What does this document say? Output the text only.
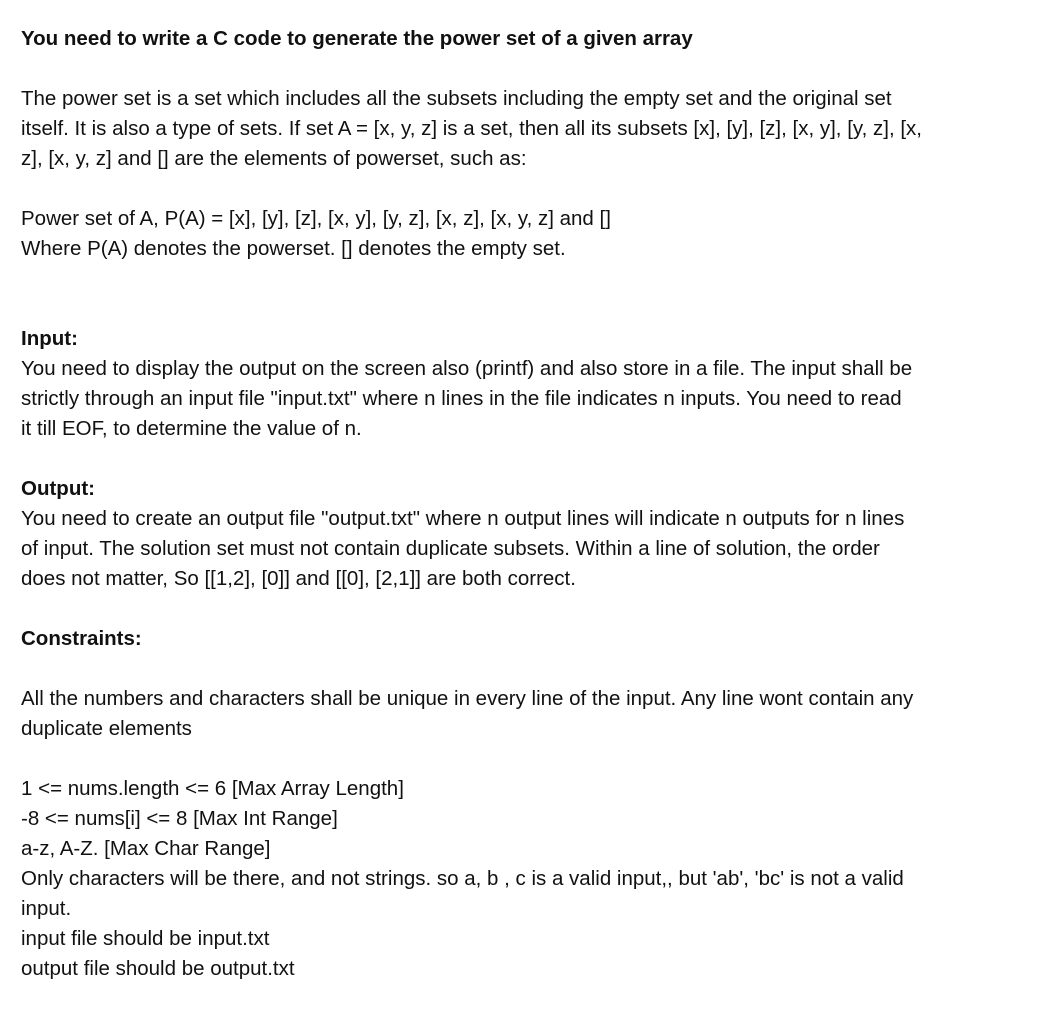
You need to write a C code to generate the power set of a given array

The power set is a set which includes all the subsets including the empty set and the original set

itself. It is also a type of sets. If set A = [x, y, z] is a set, then all its subsets [x], [y], [z], [x, y], [y, z], [x,

z], [x, y, z] and [] are the elements of powerset, such as:

Power set of A, P(A) = [x], [y], [z], [x, y], [y, z], [x, z], [x, y, z] and []

Where P(A) denotes the powerset. [] denotes the empty set.

Input:

You need to display the output on the screen also (printf) and also store in a file. The input shall be

strictly through an input file "input.txt" where n lines in the file indicates n inputs. You need to read

it till EOF, to determine the value of n.

Output:

You need to create an output file "output.txt" where n output lines will indicate n outputs for n lines

of input. The solution set must not contain duplicate subsets. Within a line of solution, the order

does not matter, So [[1,2], [0]] and [[0], [2,1]] are both correct.

Constraints:

All the numbers and characters shall be unique in every line of the input. Any line wont contain any

duplicate elements

1 <= nums.length <= 6 [Max Array Length]

-8 <= nums[i] <= 8 [Max Int Range]

a-z, A-Z. [Max Char Range]

Only characters will be there, and not strings. so a, b , c is a valid input,, but 'ab', 'bc' is not a valid

input.

input file should be input.txt

output file should be output.txt
